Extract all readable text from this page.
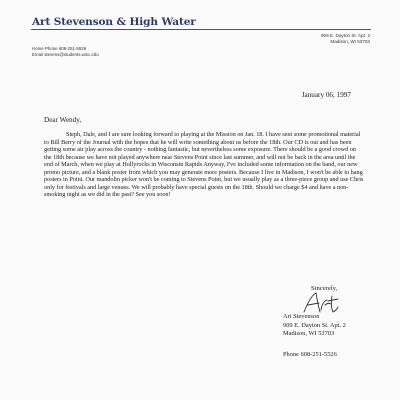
Art Stevenson & High Water
909 E. Dayton St. Apt. 2
Madison, WI 53703
Home Phone 608-251-5526
Email stevens@students.wisc.edu
January 06, 1997
Dear Wendy,

Steph, Dale, and I are sure looking forward to playing at the Mission on Jan. 18. I have sent some promotional material to Bill Berry of the Journal with the hopes that he will write something about us before the 18th. Our CD is out and has been getting some air play across the country - nothing fantastic, but nevertheless some exposure. There should be a good crowd on the 18th because we have not played anywhere near Stevens Point since last summer, and will not be back in the area until the end of March, when we play at Hollyrocks in Wisconsin Rapids Anyway, I've included some information on the band, our new promo picture, and a blank poster from which you may generate more posters. Because I live in Madison, I won't be able to hang posters in Point. Our mandolin picker won't be coming to Stevens Point, but we usually play as a three-piece group and use Chris only for festivals and large venues. We will probably have special guests on the 18th. Should we charge $4 and have a non-smoking night as we did in the past? See you soon!

Sincerely,
Art Stevenson
909 E. Dayton St. Apt. 2
Madison, WI 53703
Phone 608-251-5526
